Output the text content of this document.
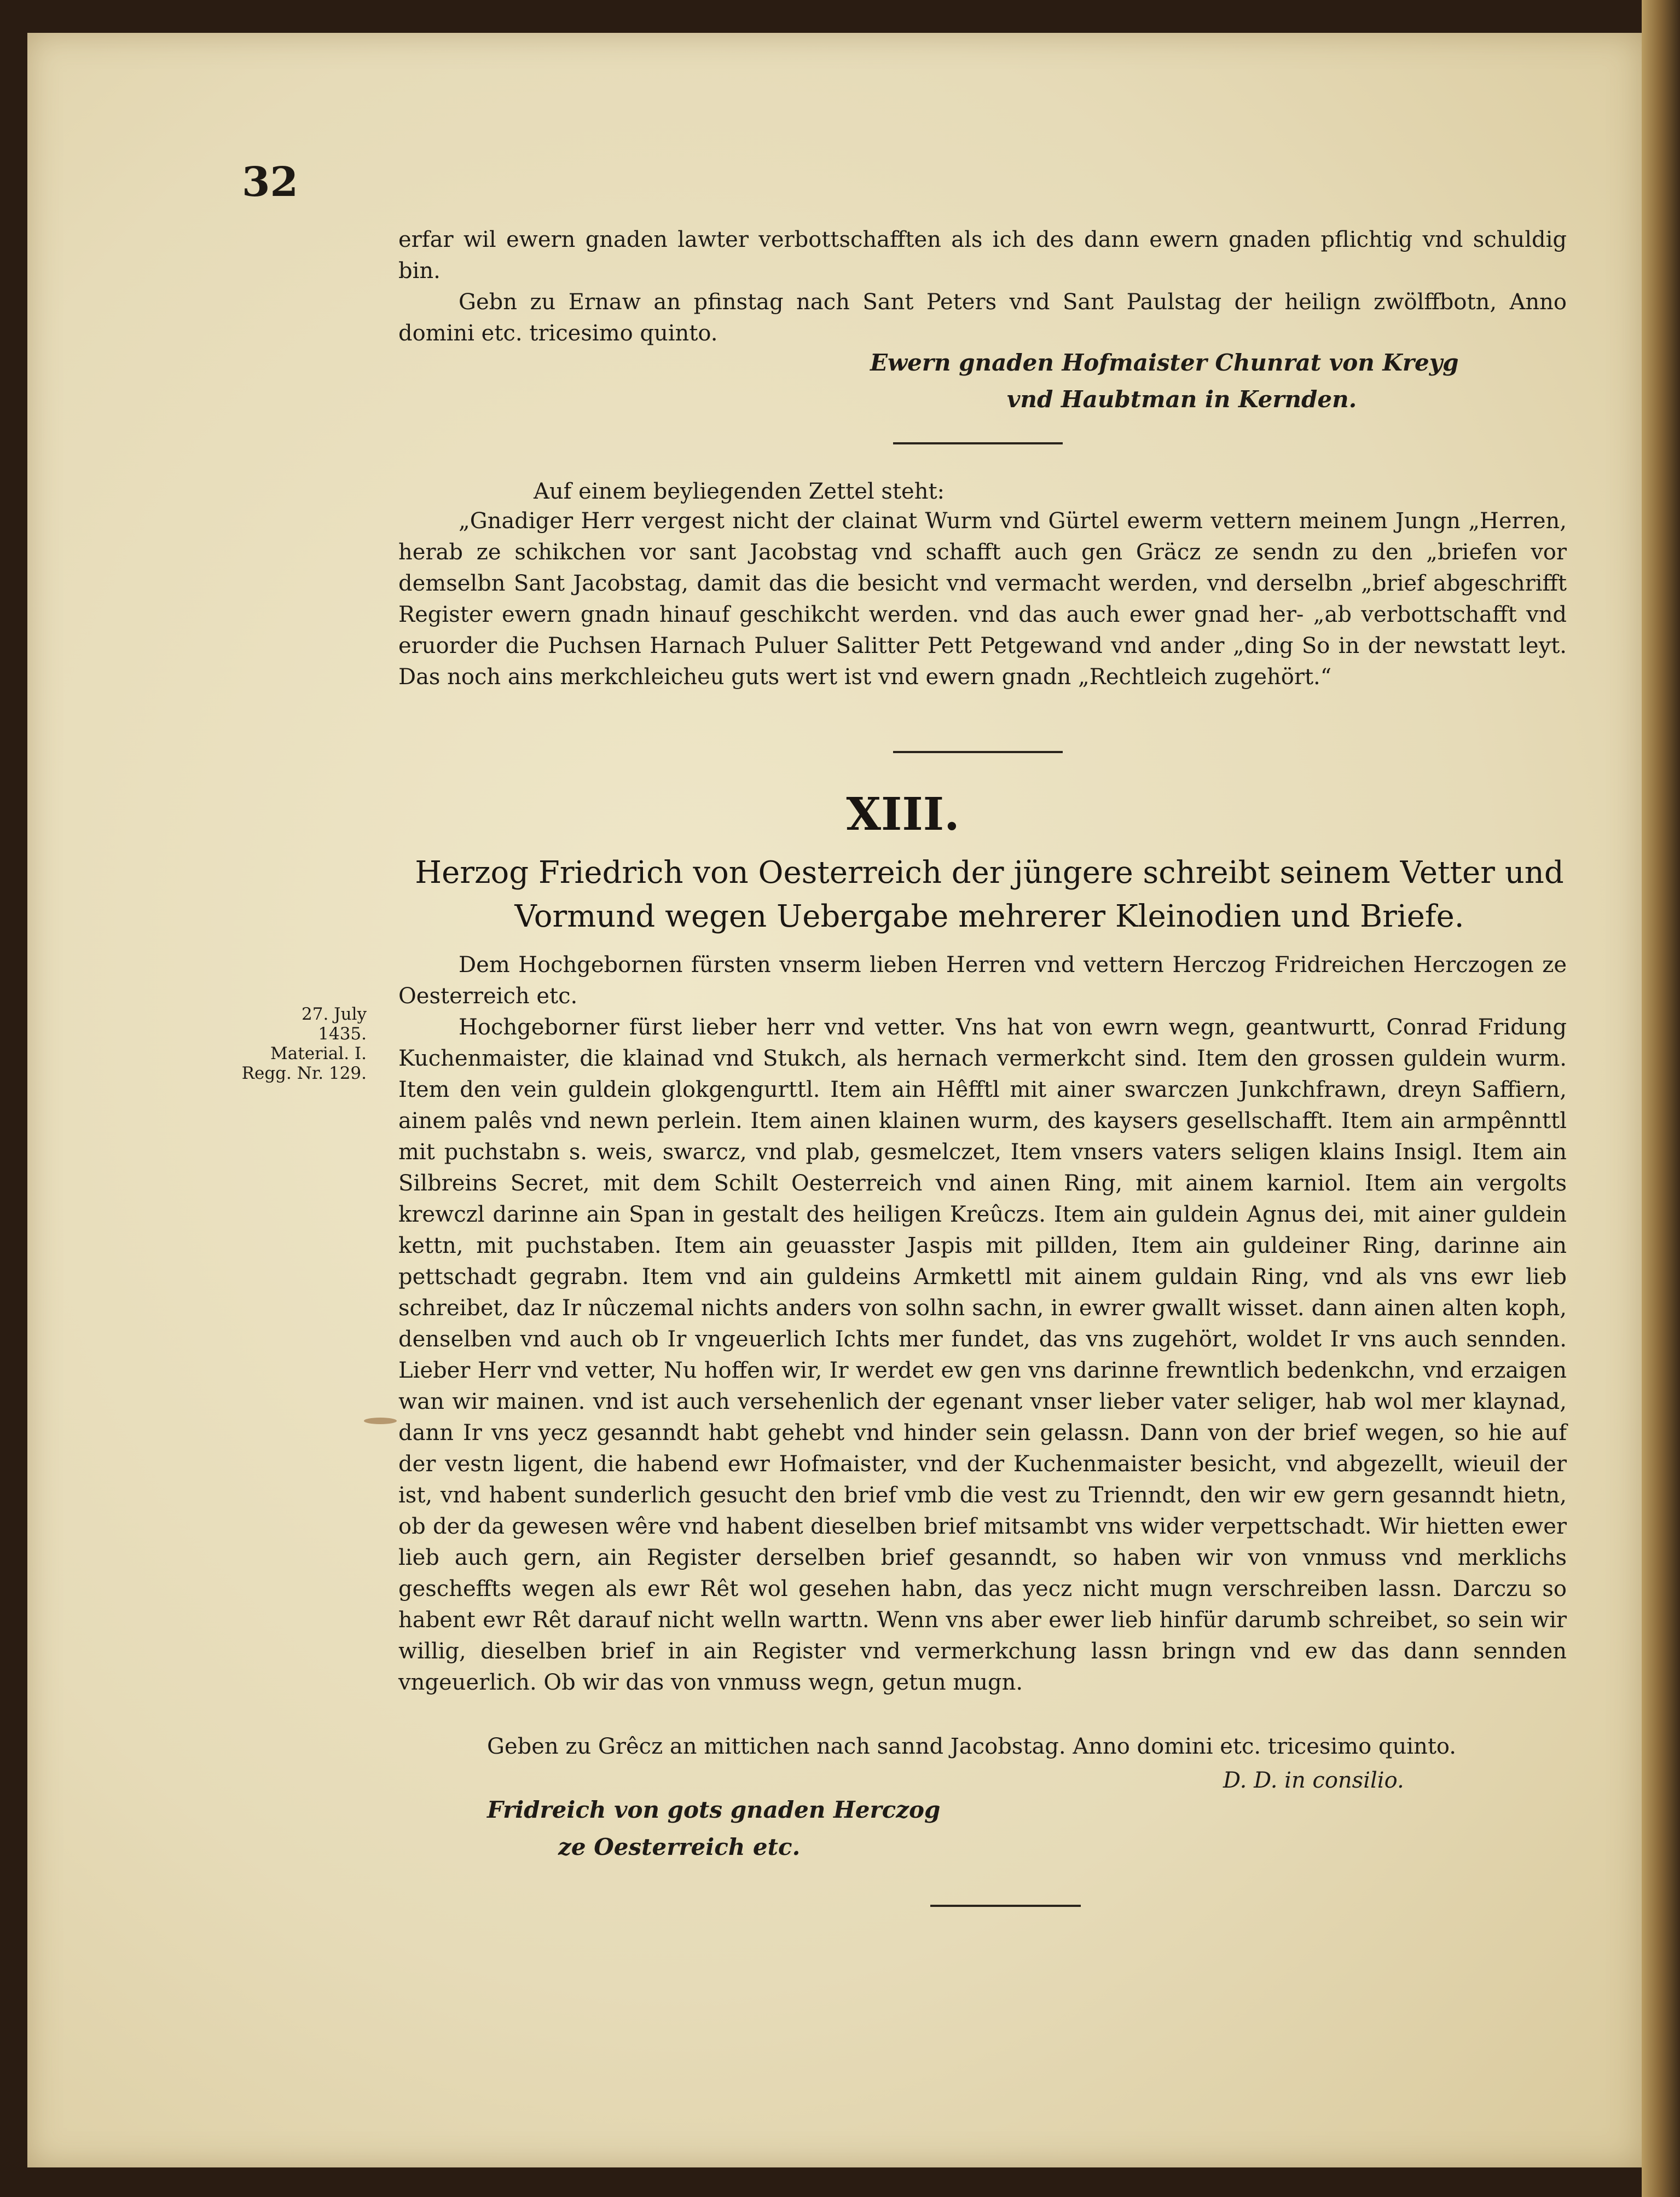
32

erfar wil ewern gnaden lawter verbottschafften als ich des dann ewern gnaden pflichtig vnd schuldig bin.

Gebn zu Ernaw an pfinstag nach Sant Peters vnd Sant Paulstag der heilign zwölffbotn, Anno domini etc. tricesimo quinto.

Ewern gnaden Hofmaister Chunrat von Kreyg

vnd Haubtman in Kernden.

Auf einem beyliegenden Zettel steht:

„Gnadiger Herr vergest nicht der clainat Wurm vnd Gürtel ewerm vettern meinem Jungn „Herren, herab ze schikchen vor sant Jacobstag vnd schafft auch gen Gräcz ze sendn zu den „briefen vor demselbn Sant Jacobstag, damit das die besicht vnd vermacht werden, vnd derselbn „brief abgeschrifft Register ewern gnadn hinauf geschikcht werden. vnd das auch ewer gnad her- „ab verbottschafft vnd eruorder die Puchsen Harnach Puluer Salitter Pett Petgewand vnd ander „ding So in der newstatt leyt. Das noch ains merkchleicheu guts wert ist vnd ewern gnadn „Rechtleich zugehört.“

XIII.

Herzog Friedrich von Oesterreich der jüngere schreibt seinem Vetter und Vormund wegen Uebergabe mehrerer Kleinodien und Briefe.

Dem Hochgebornen fürsten vnserm lieben Herren vnd vettern Herczog Fridreichen Herczogen ze Oesterreich etc.

27. July
1435.
Material. I.
Regg. Nr. 129.

Hochgeborner fürst lieber herr vnd vetter. Vns hat von ewrn wegn, geantwurtt, Conrad Fridung Kuchenmaister, die klainad vnd Stukch, als hernach vermerkcht sind. Item den grossen guldein wurm. Item den vein guldein glokgengurttl. Item ain Hêfftl mit ainer swarczen Junkchfrawn, dreyn Saffiern, ainem palês vnd newn perlein. Item ainen klainen wurm, des kaysers gesellschafft. Item ain armpênnttl mit puchstabn s. weis, swarcz, vnd plab, gesmelczet, Item vnsers vaters seligen klains Insigl. Item ain Silbreins Secret, mit dem Schilt Oesterreich vnd ainen Ring, mit ainem karniol. Item ain vergolts krewczl darinne ain Span in gestalt des heiligen Kreûczs. Item ain guldein Agnus dei, mit ainer guldein kettn, mit puchstaben. Item ain geuasster Jaspis mit pillden, Item ain guldeiner Ring, darinne ain pettschadt gegrabn. Item vnd ain guldeins Armkettl mit ainem guldain Ring, vnd als vns ewr lieb schreibet, daz Ir nûczemal nichts anders von solhn sachn, in ewrer gwallt wisset. dann ainen alten koph, denselben vnd auch ob Ir vngeuerlich Ichts mer fundet, das vns zugehört, woldet Ir vns auch sennden. Lieber Herr vnd vetter, Nu hoffen wir, Ir werdet ew gen vns darinne frewntlich bedenkchn, vnd erzaigen wan wir mainen. vnd ist auch versehenlich der egenant vnser lieber vater seliger, hab wol mer klaynad, dann Ir vns yecz gesanndt habt gehebt vnd hinder sein gelassn. Dann von der brief wegen, so hie auf der vestn ligent, die habend ewr Hofmaister, vnd der Kuchenmaister besicht, vnd abgezellt, wieuil der ist, vnd habent sunderlich gesucht den brief vmb die vest zu Trienndt, den wir ew gern gesanndt hietn, ob der da gewesen wêre vnd habent dieselben brief mitsambt vns wider verpettschadt. Wir hietten ewer lieb auch gern, ain Register derselben brief gesanndt, so haben wir von vnmuss vnd merklichs gescheffts wegen als ewr Rêt wol gesehen habn, das yecz nicht mugn verschreiben lassn. Darczu so habent ewr Rêt darauf nicht welln warttn. Wenn vns aber ewer lieb hinfür darumb schreibet, so sein wir willig, dieselben brief in ain Register vnd vermerkchung lassn bringn vnd ew das dann sennden vngeuerlich. Ob wir das von vnmuss wegn, getun mugn.

Geben zu Grêcz an mittichen nach sannd Jacobstag. Anno domini etc. tricesimo quinto.

D. D. in consilio.

Fridreich von gots gnaden Herczog

ze Oesterreich etc.
